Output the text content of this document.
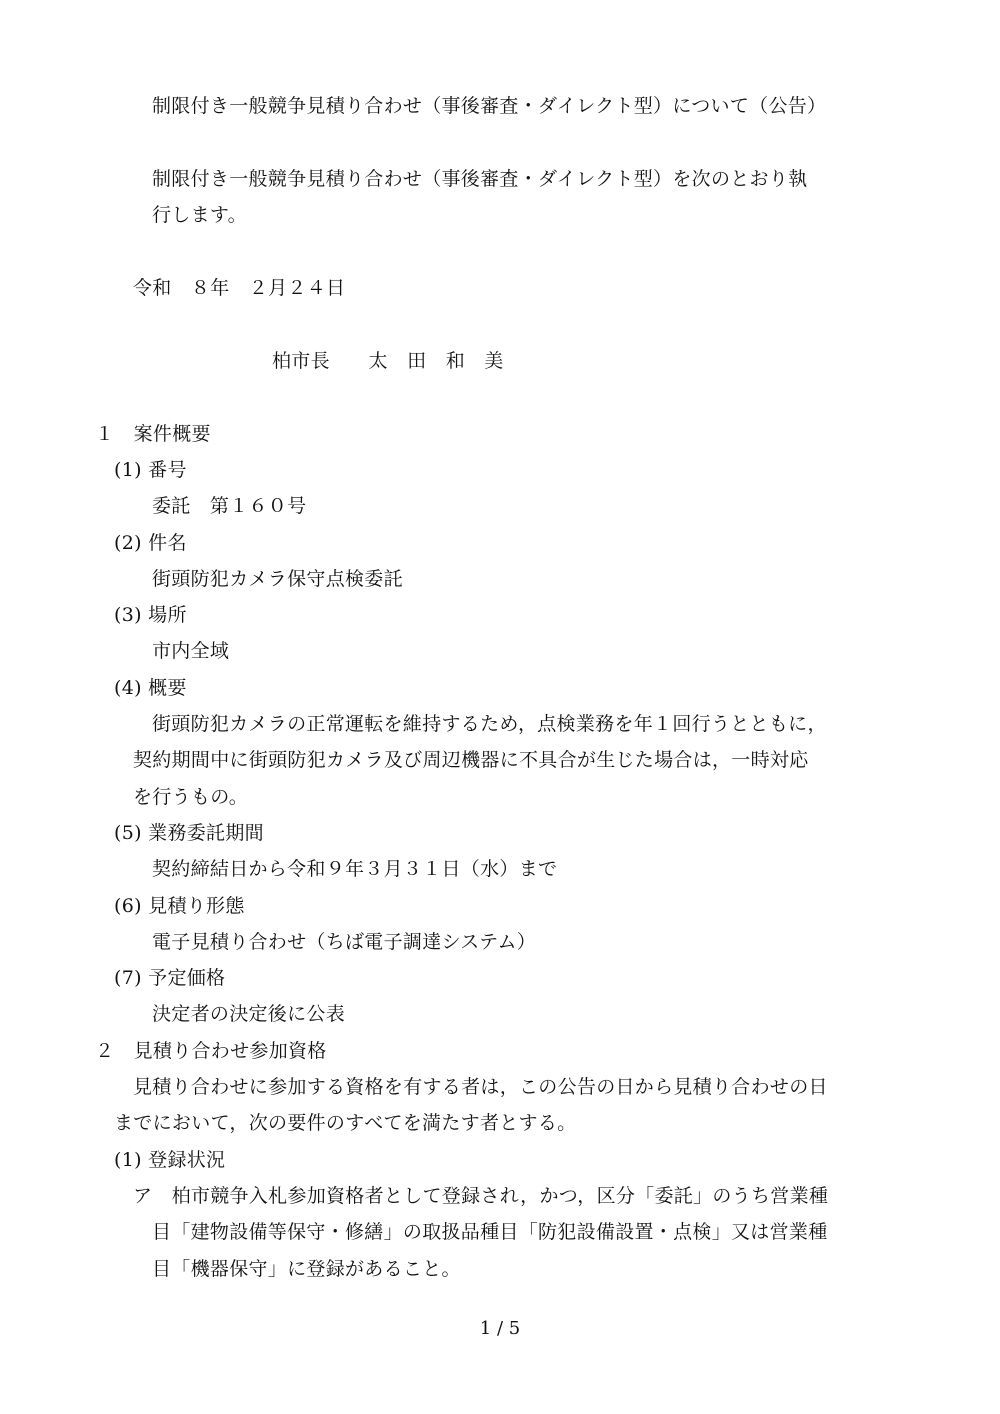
制限付き一般競争見積り合わせ（事後審査・ダイレクト型）について（公告）
制限付き一般競争見積り合わせ（事後審査・ダイレクト型）を次のとおり執
行します。
令和　８年　２月２４日
柏市長　　太　田　和　美
１　案件概要
(1) 番号
委託　第１６０号
(2) 件名
街頭防犯カメラ保守点検委託
(3) 場所
市内全域
(4) 概要
街頭防犯カメラの正常運転を維持するため，点検業務を年１回行うとともに，
契約期間中に街頭防犯カメラ及び周辺機器に不具合が生じた場合は，一時対応
を行うもの。
(5) 業務委託期間
契約締結日から令和９年３月３１日（水）まで
(6) 見積り形態
電子見積り合わせ（ちば電子調達システム）
(7) 予定価格
決定者の決定後に公表
２　見積り合わせ参加資格
見積り合わせに参加する資格を有する者は，この公告の日から見積り合わせの日
までにおいて，次の要件のすべてを満たす者とする。
(1) 登録状況
ア　柏市競争入札参加資格者として登録され，かつ，区分「委託」のうち営業種
目「建物設備等保守・修繕」の取扱品種目「防犯設備設置・点検」又は営業種
目「機器保守」に登録があること。
1 / 5
